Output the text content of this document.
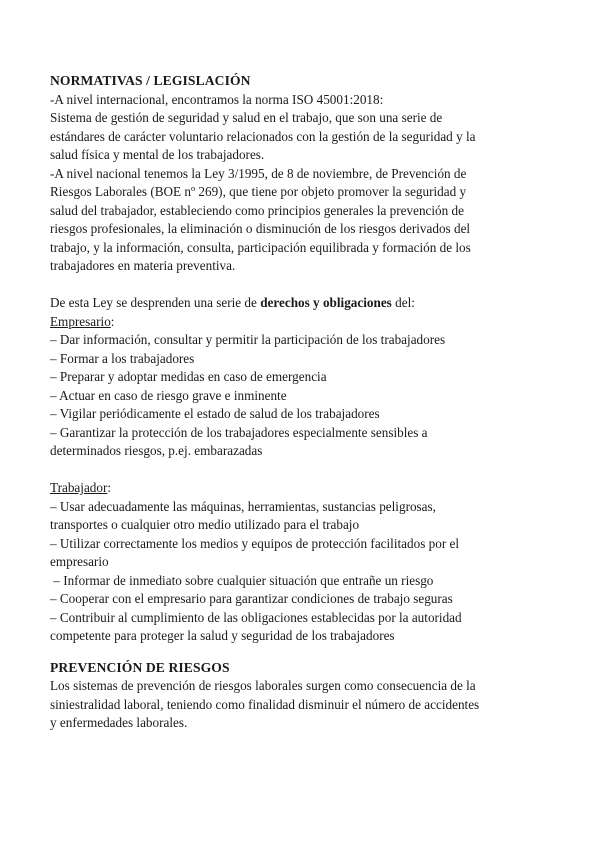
NORMATIVAS / LEGISLACIÓN
-A nivel internacional, encontramos la norma ISO 45001:2018:
Sistema de gestión de seguridad y salud en el trabajo, que son una serie de
estándares de carácter voluntario relacionados con la gestión de la seguridad y la
salud física y mental de los trabajadores.
-A nivel nacional tenemos la Ley 3/1995, de 8 de noviembre, de Prevención de
Riesgos Laborales (BOE nº 269), que tiene por objeto promover la seguridad y
salud del trabajador, estableciendo como principios generales la prevención de
riesgos profesionales, la eliminación o disminución de los riesgos derivados del
trabajo, y la información, consulta, participación equilibrada y formación de los
trabajadores en materia preventiva.
De esta Ley se desprenden una serie de derechos y obligaciones del:
Empresario:
– Dar información, consultar y permitir la participación de los trabajadores
– Formar a los trabajadores
– Preparar y adoptar medidas en caso de emergencia
– Actuar en caso de riesgo grave e inminente
– Vigilar periódicamente el estado de salud de los trabajadores
– Garantizar la protección de los trabajadores especialmente sensibles a
determinados riesgos, p.ej. embarazadas
Trabajador:
– Usar adecuadamente las máquinas, herramientas, sustancias peligrosas,
transportes o cualquier otro medio utilizado para el trabajo
– Utilizar correctamente los medios y equipos de protección facilitados por el
empresario
– Informar de inmediato sobre cualquier situación que entrañe un riesgo
– Cooperar con el empresario para garantizar condiciones de trabajo seguras
– Contribuir al cumplimiento de las obligaciones establecidas por la autoridad
competente para proteger la salud y seguridad de los trabajadores
PREVENCIÓN DE RIESGOS
Los sistemas de prevención de riesgos laborales surgen como consecuencia de la
siniestralidad laboral, teniendo como finalidad disminuir el número de accidentes
y enfermedades laborales.
